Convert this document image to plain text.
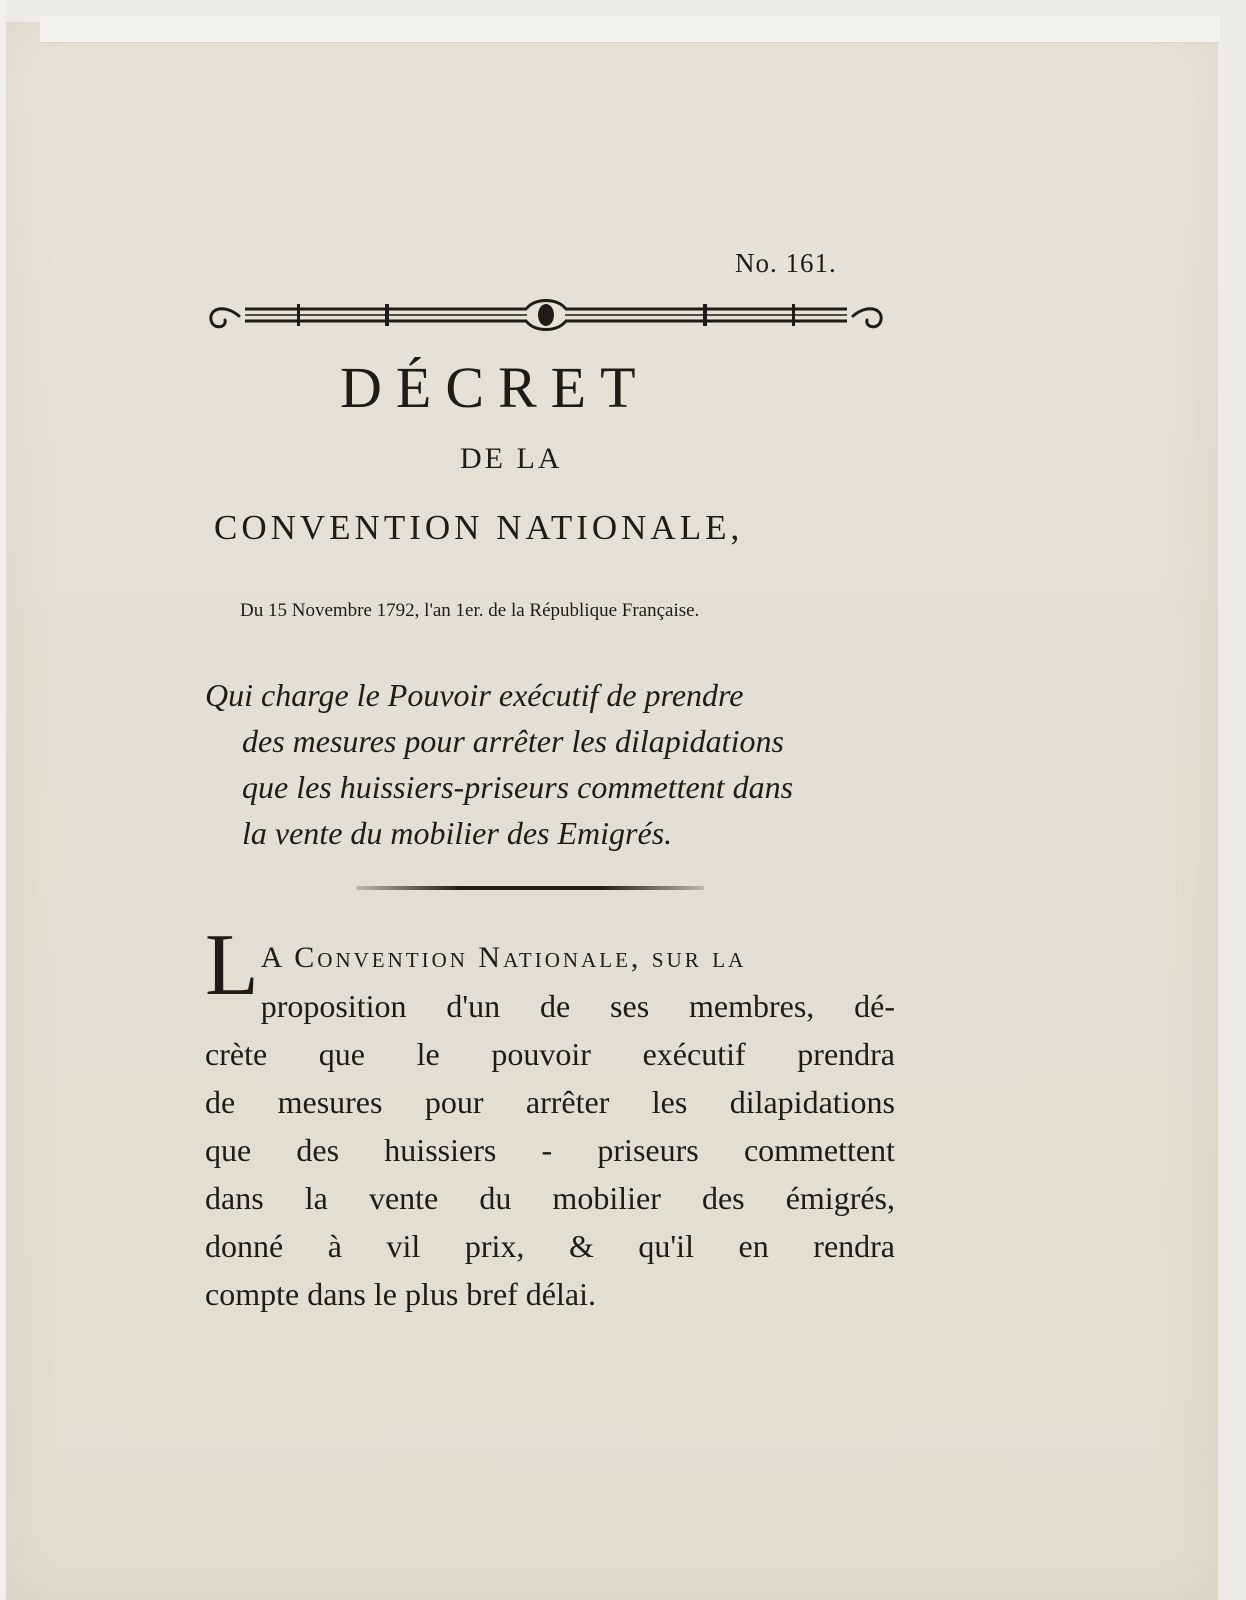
No. 161.
DÉCRET
DE LA
CONVENTION NATIONALE,
Du 15 Novembre 1792, l'an 1er. de la République Française.
Qui charge le Pouvoir exécutif de prendre
des mesures pour arrêter les dilapidations
que les huissiers-priseurs commettent dans
la vente du mobilier des Emigrés.
L A Convention Nationale, sur la
proposition d'un de ses membres, dé-
crète que le pouvoir exécutif prendra
de mesures pour arrêter les dilapidations
que des huissiers - priseurs commettent
dans la vente du mobilier des émigrés,
donné à vil prix, & qu'il en rendra
compte dans le plus bref délai.
